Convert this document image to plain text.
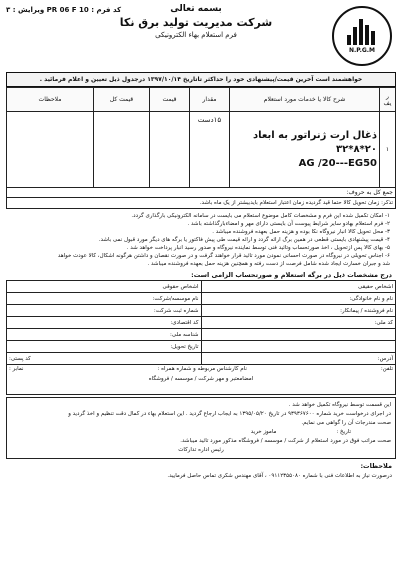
کد فرم : PR 06 F 10 ویرایش : ۳	بسمه تعالی
شرکت مدیریت تولید برق نکا
فرم استعلام بهاء الکترونیکی
N.P.G.M
خواهشمند است آخرین قیمت/پیشنهادی خود را حداکثر تاتاریخ ۱۳۹۷/۱۰/۱۴ درجدول ذیل تعیین و اعلام فرمائید .
ر
یف	شرح کالا یا خدمات مورد استعلام	مقدار	قیمت	قیمت کل	ملاحظات
۱	ذغال ارت ژنراتور به ابعاد ۲۰*۸*۳۲
AG /20---EG50	۱۵دست			
جمع کل به حروف:					
تذکر: زمان تحویل کالا حتما قید گردیده زمان اعتبار استعلام بایدبیشتر از یک ماه باشد.
۱- امکان تکمیل شده این فرم و مشخصات کامل موضوع استعلام می بایست در سامانه الکترونیکی بارگذاری گردد.
۲- فرم استعلام بهادو سایر شرایط پیوست آن بایستی دارای مهر و امضاءبارگذاشته باشد .
۳- محل تحویل کالا انبار نیروگاه نکا بوده و هزینه حمل بعهده فروشنده میباشد .
۴- قیمت پیشنهادی بایستی قطعی در همین برگ ارائه گردد و ارائه قیمت طی پیش فاکتور یا برگه های دیگر مورد قبول نمی باشد.
۵- بهای کالا پس ازتحویل ، اخذ صورتحساب وتائید فنی توسط نماینده نیروگاه و صدور رسید انبار پرداخت خواهد شد .
۶- اجناس تحویلی در نیروگاه در صورت احسانی نمودن مورد تائید قرار خواهند گرفت و در صورت نقصان و داشتن هرگونه اشکال، کالا عودت خواهد
شد و جبران خسارت ایجاد شده شامل فرصت از دست رفته و همچنین هزینه حمل بعهده فروشنده میباشد .
درج مشخصات ذیل در برگه استعلام و صورتحساب الزامی است:
اشخاص حقیقی	اشخاص حقوقی
نام و نام خانوادگی:	نام موسسه/شرکت:
نام فروشنده / پیمانکار:	شماره ثبت شرکت:
کد ملی:	کد اقتصادی:
	شناسه ملی:
	تاریخ تحویل:
آدرس:	کد پستی:

تلفن:
نام کارشناس مربوطه و شماره همراه :
نمابر :
امضامعتبر و مهر شرکت / موسسه / فروشگاه	
این قسمت توسط نیروگاه تکمیل خواهد شد .
در اجرای درخواست خرید شماره ۹۳۹۳۶۷۶۰۰ در تاریخ ۱۳۹۵/۰۵/۲۰ به ایجاب ارجاع گردید . این استعلام بهاء در کمال دقت تنظیم و اخذ گردید و
صحت مندرجات آن را گواهی می نمایم.
تاریخ :
ماموز خرید
صحت مراتب فوق در مورد استعلام از شرکت / موسسه / فروشگاه مذکور مورد تائید میباشد.
رئیس اداره تدارکات
ملاحظات:
درصورت نیاز به اطلاعات فنی با شماره ۰۹۱۱۲۳۵۵۰۸۰ ، آقای مهندس شکری تماس حاصل فرمایید.
